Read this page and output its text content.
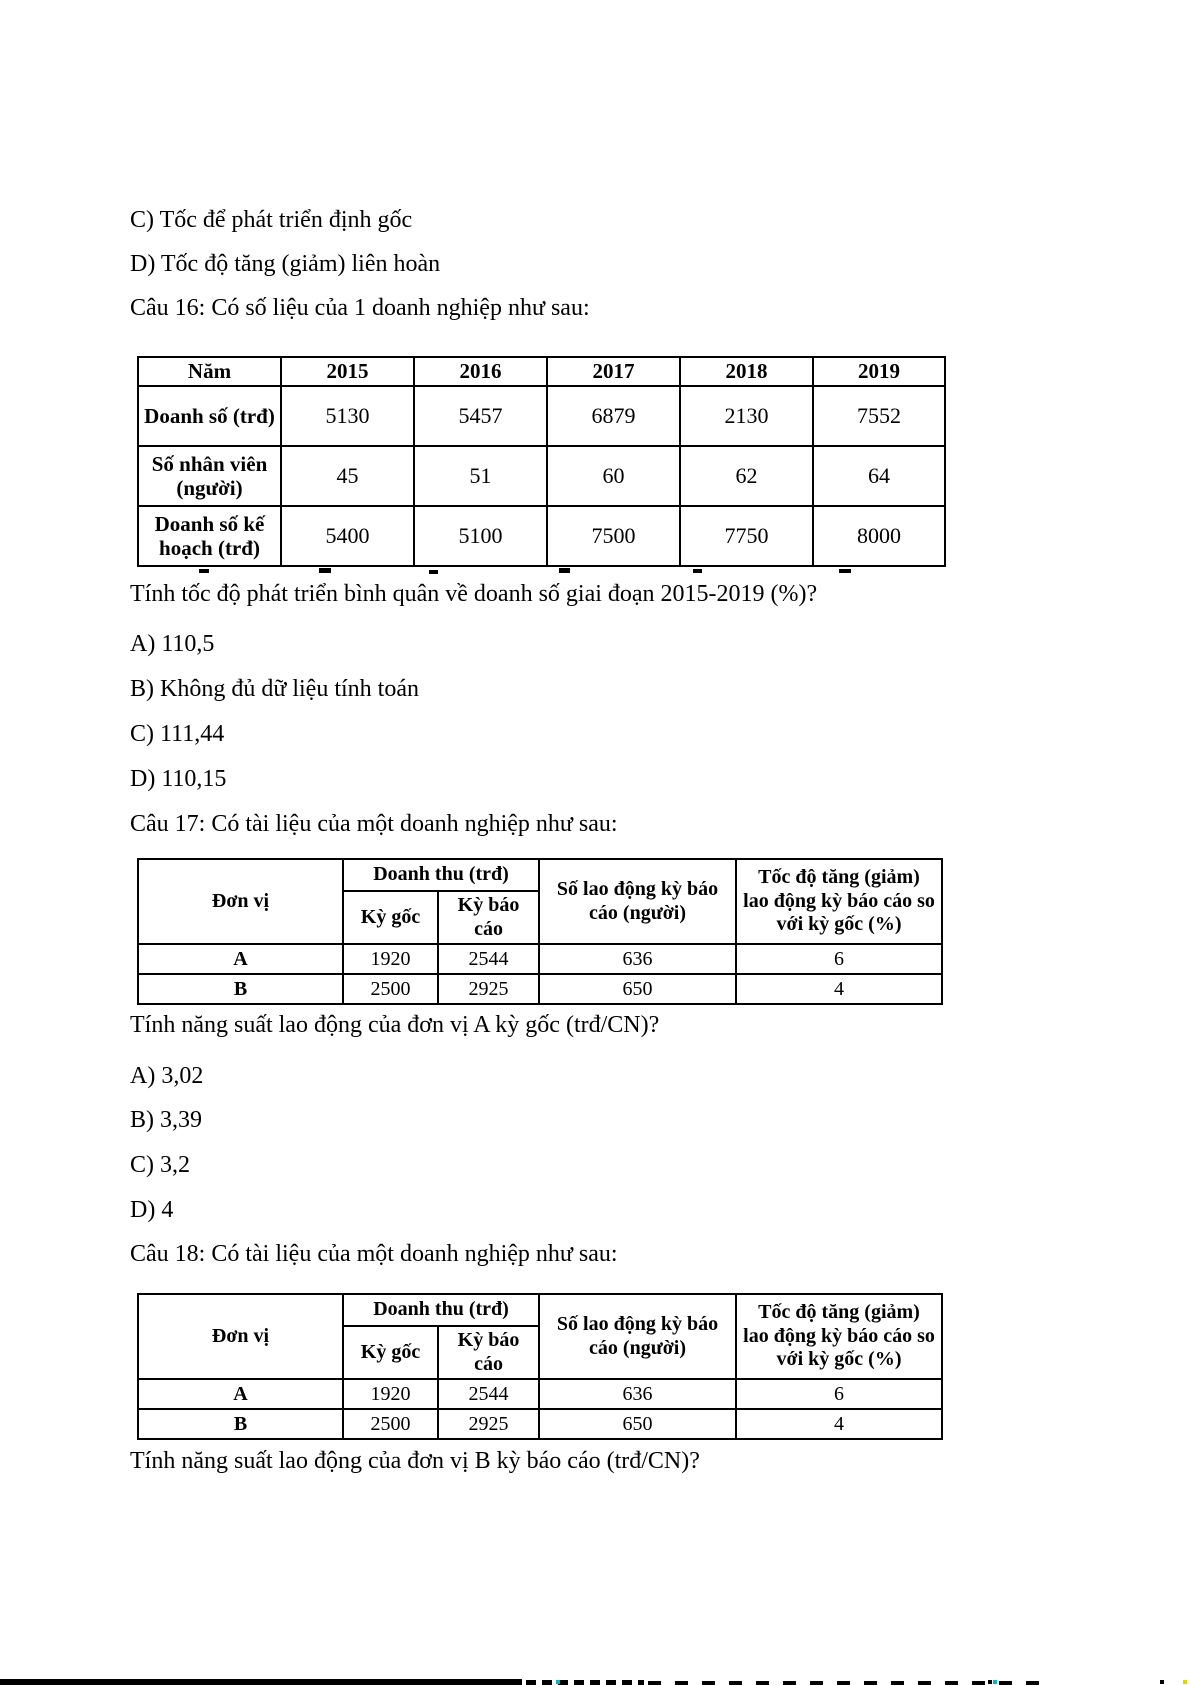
C) Tốc để phát triển định gốc
D) Tốc độ tăng (giảm) liên hoàn
Câu 16: Có số liệu của 1 doanh nghiệp như sau:
Năm	2015	2016	2017	2018	2019
Doanh số (trđ)	5130	5457	6879	2130	7552
Số nhân viên (người)	45	51	60	62	64
Doanh số kế hoạch (trđ)	5400	5100	7500	7750	8000
Tính tốc độ phát triển bình quân về doanh số giai đoạn 2015-2019 (%)?
A) 110,5
B) Không đủ dữ liệu tính toán
C) 111,44
D) 110,15
Câu 17: Có tài liệu của một doanh nghiệp như sau:
Đơn vị	Doanh thu (trđ)		Số lao động kỳ báo cáo (người)	Tốc độ tăng (giảm) lao động kỳ báo cáo so với kỳ gốc (%)
	Kỳ gốc	Kỳ báo cáo		
A	1920	2544	636	6
B	2500	2925	650	4
Tính năng suất lao động của đơn vị A kỳ gốc (trđ/CN)?
A) 3,02
B) 3,39
C) 3,2
D) 4
Câu 18: Có tài liệu của một doanh nghiệp như sau:
Đơn vị	Doanh thu (trđ)		Số lao động kỳ báo cáo (người)	Tốc độ tăng (giảm) lao động kỳ báo cáo so với kỳ gốc (%)
	Kỳ gốc	Kỳ báo cáo		
A	1920	2544	636	6
B	2500	2925	650	4
Tính năng suất lao động của đơn vị B kỳ báo cáo (trđ/CN)?
